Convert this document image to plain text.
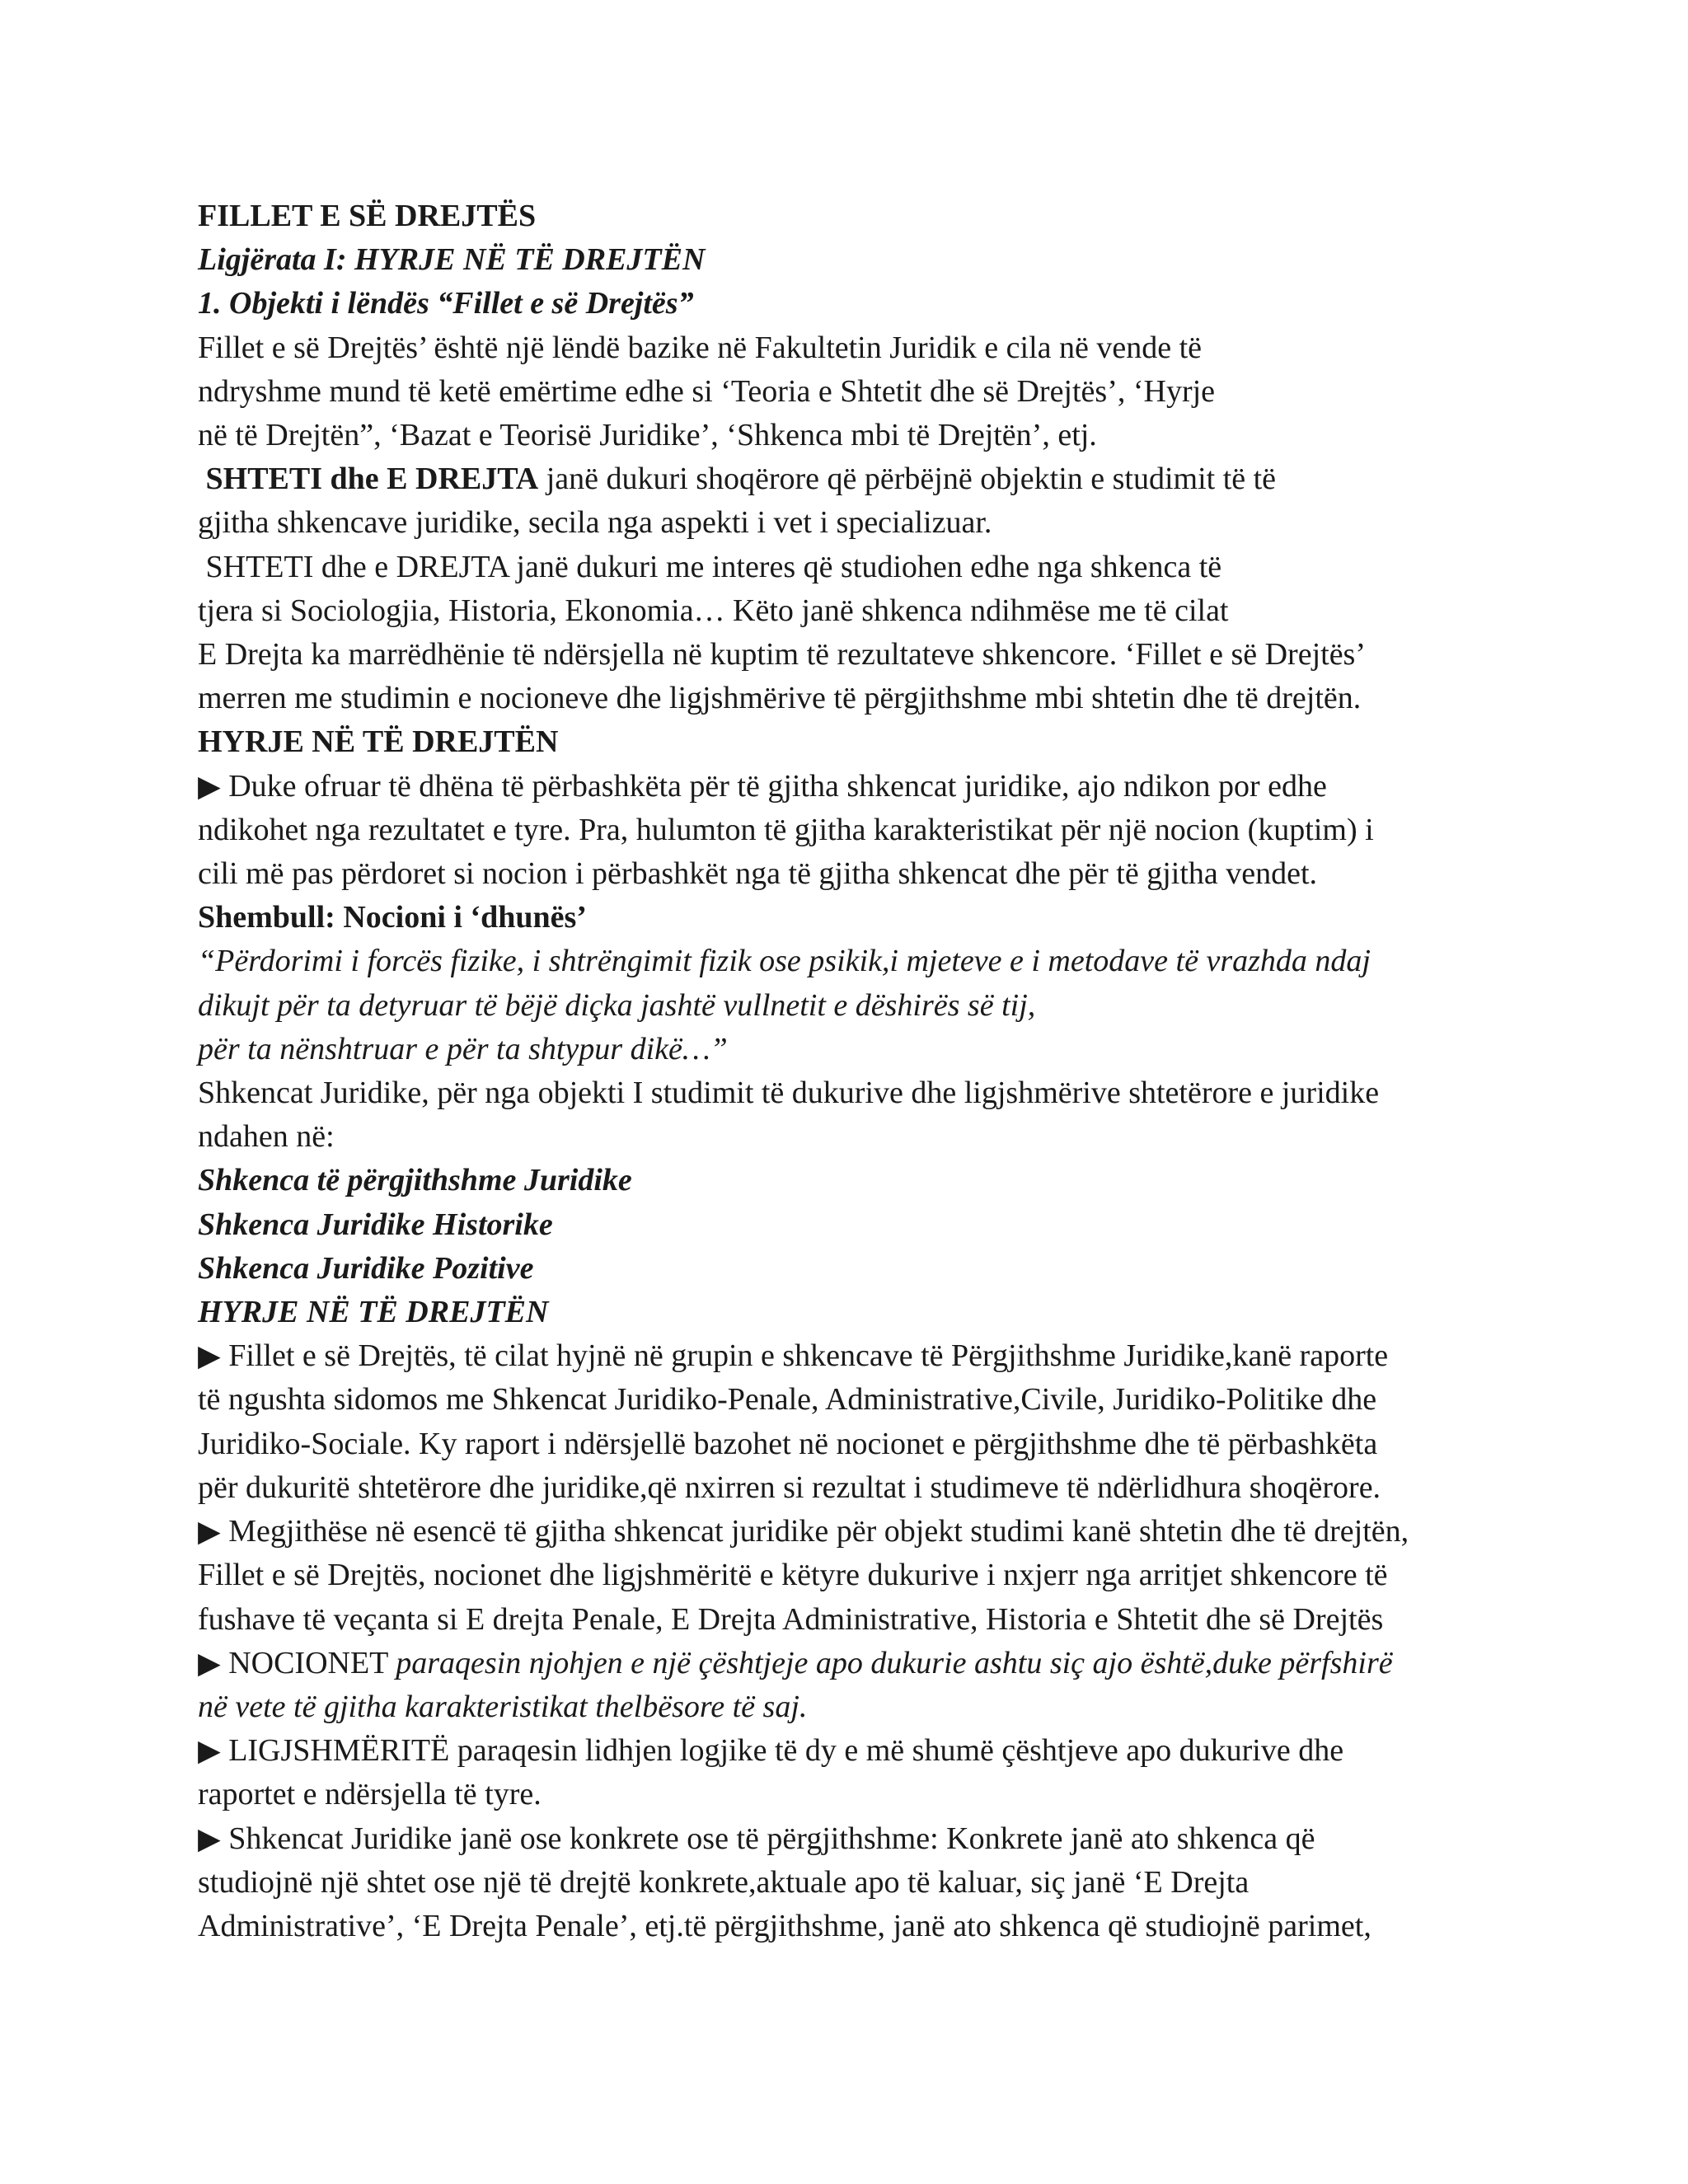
FILLET E SË DREJTËS

Ligjërata I: HYRJE NË TË DREJTËN

1. Objekti i lëndës “Fillet e së Drejtës”

Fillet e së Drejtës’ është një lëndë bazike në Fakultetin Juridik e cila në vende të

ndryshme mund të ketë emërtime edhe si ‘Teoria e Shtetit dhe së Drejtës’, ‘Hyrje

në të Drejtën”, ‘Bazat e Teorisë Juridike’, ‘Shkenca mbi të Drejtën’, etj.

SHTETI dhe E DREJTA janë dukuri shoqërore që përbëjnë objektin e studimit të të

gjitha shkencave juridike, secila nga aspekti i vet i specializuar.

SHTETI dhe e DREJTA janë dukuri me interes që studiohen edhe nga shkenca të

tjera si Sociologjia, Historia, Ekonomia… Këto janë shkenca ndihmëse me të cilat

E Drejta ka marrëdhënie të ndërsjella në kuptim të rezultateve shkencore. ‘Fillet e së Drejtës’

merren me studimin e nocioneve dhe ligjshmërive të përgjithshme mbi shtetin dhe të drejtën.

HYRJE NË TË DREJTËN

▶ Duke ofruar të dhëna të përbashkëta për të gjitha shkencat juridike, ajo ndikon por edhe

ndikohet nga rezultatet e tyre. Pra, hulumton të gjitha karakteristikat për një nocion (kuptim) i

cili më pas përdoret si nocion i përbashkët nga të gjitha shkencat dhe për të gjitha vendet.

Shembull: Nocioni i ‘dhunës’

“Përdorimi i forcës fizike, i shtrëngimit fizik ose psikik,i mjeteve e i metodave të vrazhda ndaj

dikujt për ta detyruar të bëjë diçka jashtë vullnetit e dëshirës së tij,

për ta nënshtruar e për ta shtypur dikë…”

Shkencat Juridike, për nga objekti I studimit të dukurive dhe ligjshmërive shtetërore e juridike

ndahen në:

Shkenca të përgjithshme Juridike

Shkenca Juridike Historike

Shkenca Juridike Pozitive

HYRJE NË TË DREJTËN

▶ Fillet e së Drejtës, të cilat hyjnë në grupin e shkencave të Përgjithshme Juridike,kanë raporte

të ngushta sidomos me Shkencat Juridiko-Penale, Administrative,Civile, Juridiko-Politike dhe

Juridiko-Sociale. Ky raport i ndërsjellë bazohet në nocionet e përgjithshme dhe të përbashkëta

për dukuritë shtetërore dhe juridike,që nxirren si rezultat i studimeve të ndërlidhura shoqërore.

▶ Megjithëse në esencë të gjitha shkencat juridike për objekt studimi kanë shtetin dhe të drejtën,

Fillet e së Drejtës, nocionet dhe ligjshmëritë e këtyre dukurive i nxjerr nga arritjet shkencore të

fushave të veçanta si E drejta Penale, E Drejta Administrative, Historia e Shtetit dhe së Drejtës

▶ NOCIONET paraqesin njohjen e një çështjeje apo dukurie ashtu siç ajo është,duke përfshirë

në vete të gjitha karakteristikat thelbësore të saj.

▶ LIGJSHMËRITË paraqesin lidhjen logjike të dy e më shumë çështjeve apo dukurive dhe

raportet e ndërsjella të tyre.

▶ Shkencat Juridike janë ose konkrete ose të përgjithshme: Konkrete janë ato shkenca që

studiojnë një shtet ose një të drejtë konkrete,aktuale apo të kaluar, siç janë ‘E Drejta

Administrative’, ‘E Drejta Penale’, etj.të përgjithshme, janë ato shkenca që studiojnë parimet,
